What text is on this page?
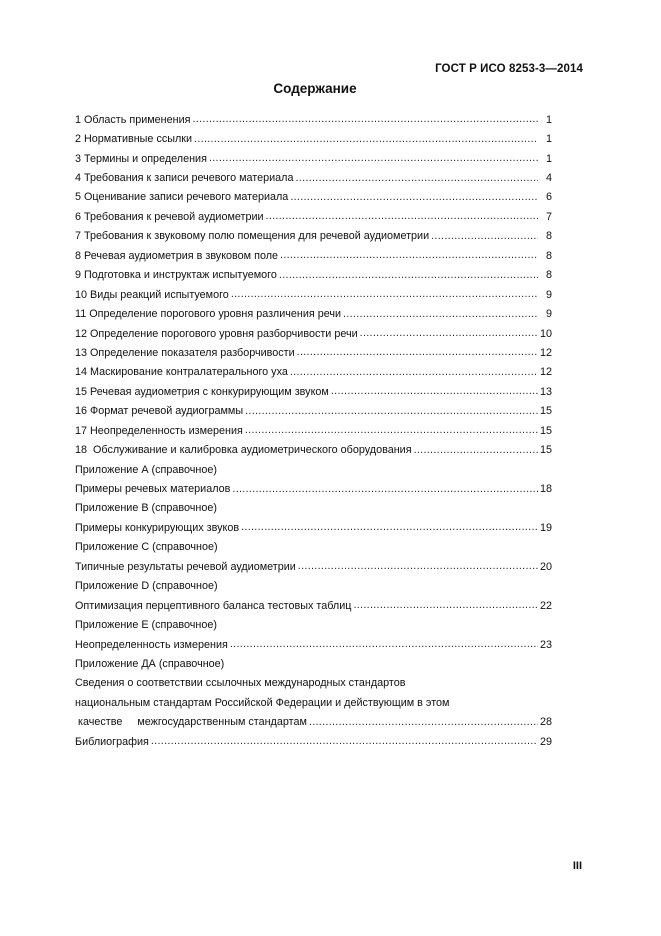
ГОСТ Р ИСО 8253-3—2014
Содержание
1 Область применения .....	1
2 Нормативные ссылки .....	1
3 Термины и определения .....	1
4 Требования к записи речевого материала .....	4
5 Оценивание записи речевого материала .....	6
6 Требования к речевой аудиометрии .....	7
7 Требования к звуковому полю помещения для речевой аудиометрии .....	8
8 Речевая аудиометрия в звуковом поле .....	8
9 Подготовка и инструктаж испытуемого .....	8
10 Виды реакций испытуемого .....	9
11 Определение порогового уровня различения речи .....	9
12 Определение порогового уровня разборчивости речи .....	10
13 Определение показателя разборчивости .....	12
14 Маскирование контралатерального уха .....	12
15 Речевая аудиометрия с конкурирующим звуком .....	13
16 Формат речевой аудиограммы .....	15
17 Неопределенность измерения .....	15
18  Обслуживание и калибровка аудиометрического оборудования .....	15
Приложение А (справочное)
Примеры речевых материалов .....	18
Приложение В (справочное)
Примеры конкурирующих звуков .....	19
Приложение С (справочное)
Типичные результаты речевой аудиометрии .....	20
Приложение D (справочное)
Оптимизация перцептивного баланса тестовых таблиц .....	22
Приложение Е (справочное)
Неопределенность измерения .....	23
Приложение ДА (справочное)
Сведения о соответствии ссылочных международных стандартов
национальным стандартам Российской Федерации и действующим в этом
качестве     межгосударственным стандартам .....	28
Библиография .....	29
III
